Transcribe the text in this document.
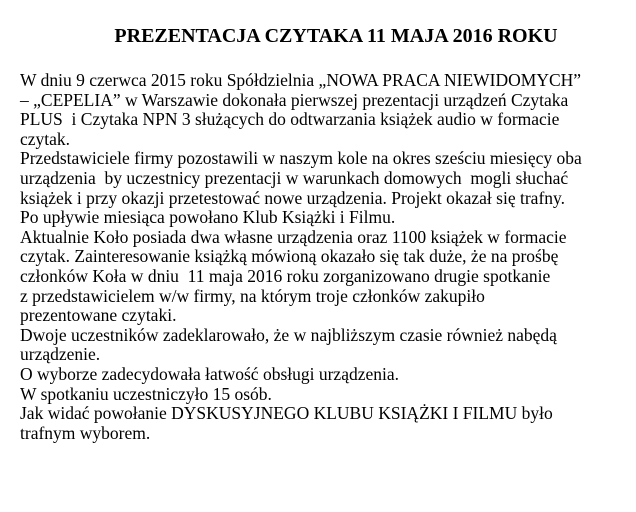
PREZENTACJA CZYTAKA 11 MAJA 2016 ROKU
W dniu 9 czerwca 2015 roku Spółdzielnia „NOWA PRACA NIEWIDOMYCH”
– „CEPELIA” w Warszawie dokonała pierwszej prezentacji urządzeń Czytaka
PLUS  i Czytaka NPN 3 służących do odtwarzania książek audio w formacie
czytak.
Przedstawiciele firmy pozostawili w naszym kole na okres sześciu miesięcy oba
urządzenia  by uczestnicy prezentacji w warunkach domowych  mogli słuchać
książek i przy okazji przetestować nowe urządzenia. Projekt okazał się trafny.
Po upływie miesiąca powołano Klub Książki i Filmu.
Aktualnie Koło posiada dwa własne urządzenia oraz 1100 książek w formacie
czytak. Zainteresowanie książką mówioną okazało się tak duże, że na prośbę
członków Koła w dniu  11 maja 2016 roku zorganizowano drugie spotkanie
z przedstawicielem w/w firmy, na którym troje członków zakupiło
prezentowane czytaki.
Dwoje uczestników zadeklarowało, że w najbliższym czasie również nabędą
urządzenie.
O wyborze zadecydowała łatwość obsługi urządzenia.
W spotkaniu uczestniczyło 15 osób.
Jak widać powołanie DYSKUSYJNEGO KLUBU KSIĄŻKI I FILMU było
trafnym wyborem.
